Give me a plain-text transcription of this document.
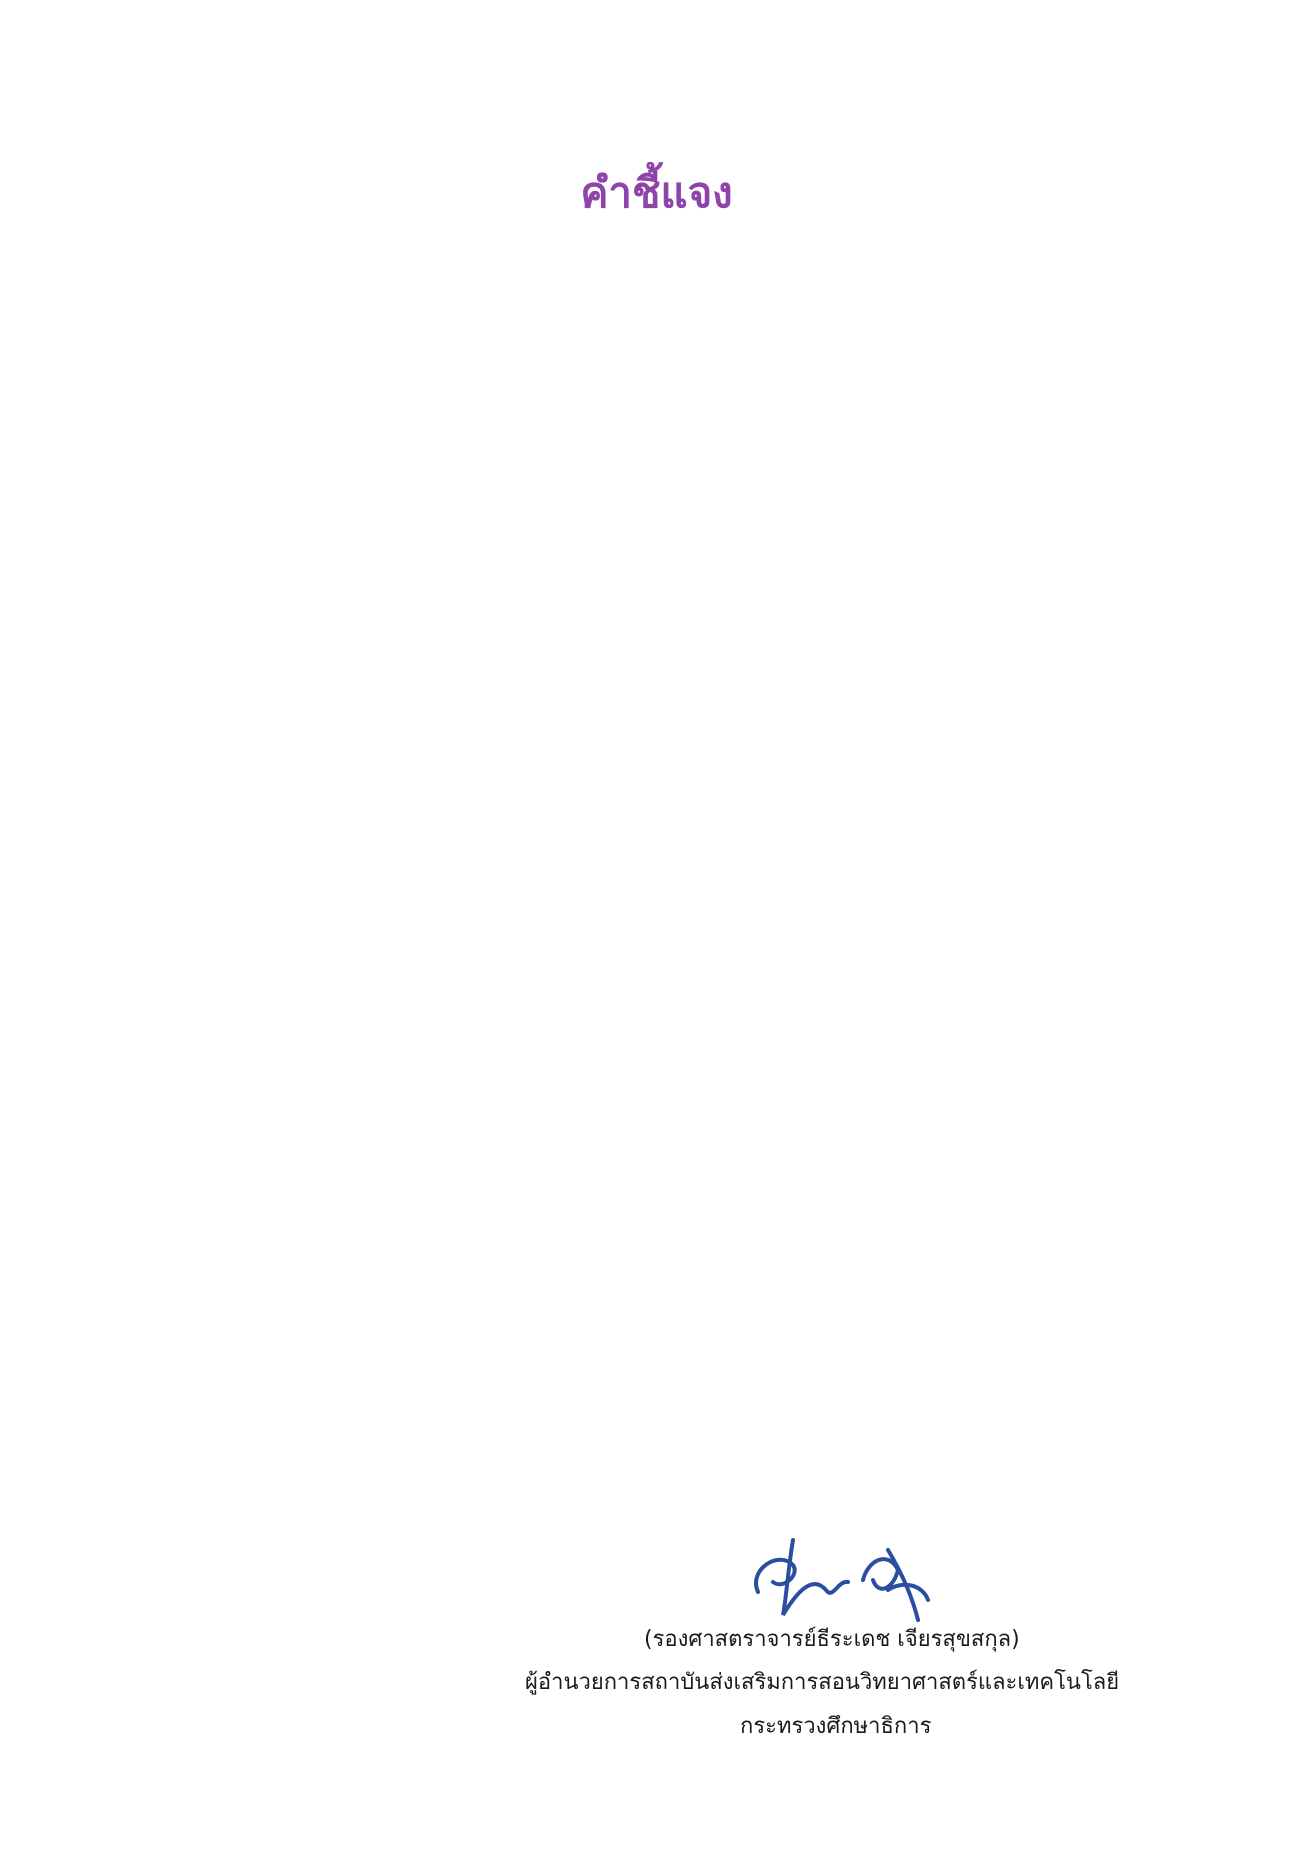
คำชี้แจง

(รองศาสตราจารย์ธีระเดช เจียรสุขสกุล)
ผู้อำนวยการสถาบันส่งเสริมการสอนวิทยาศาสตร์และเทคโนโลยี
กระทรวงศึกษาธิการ
